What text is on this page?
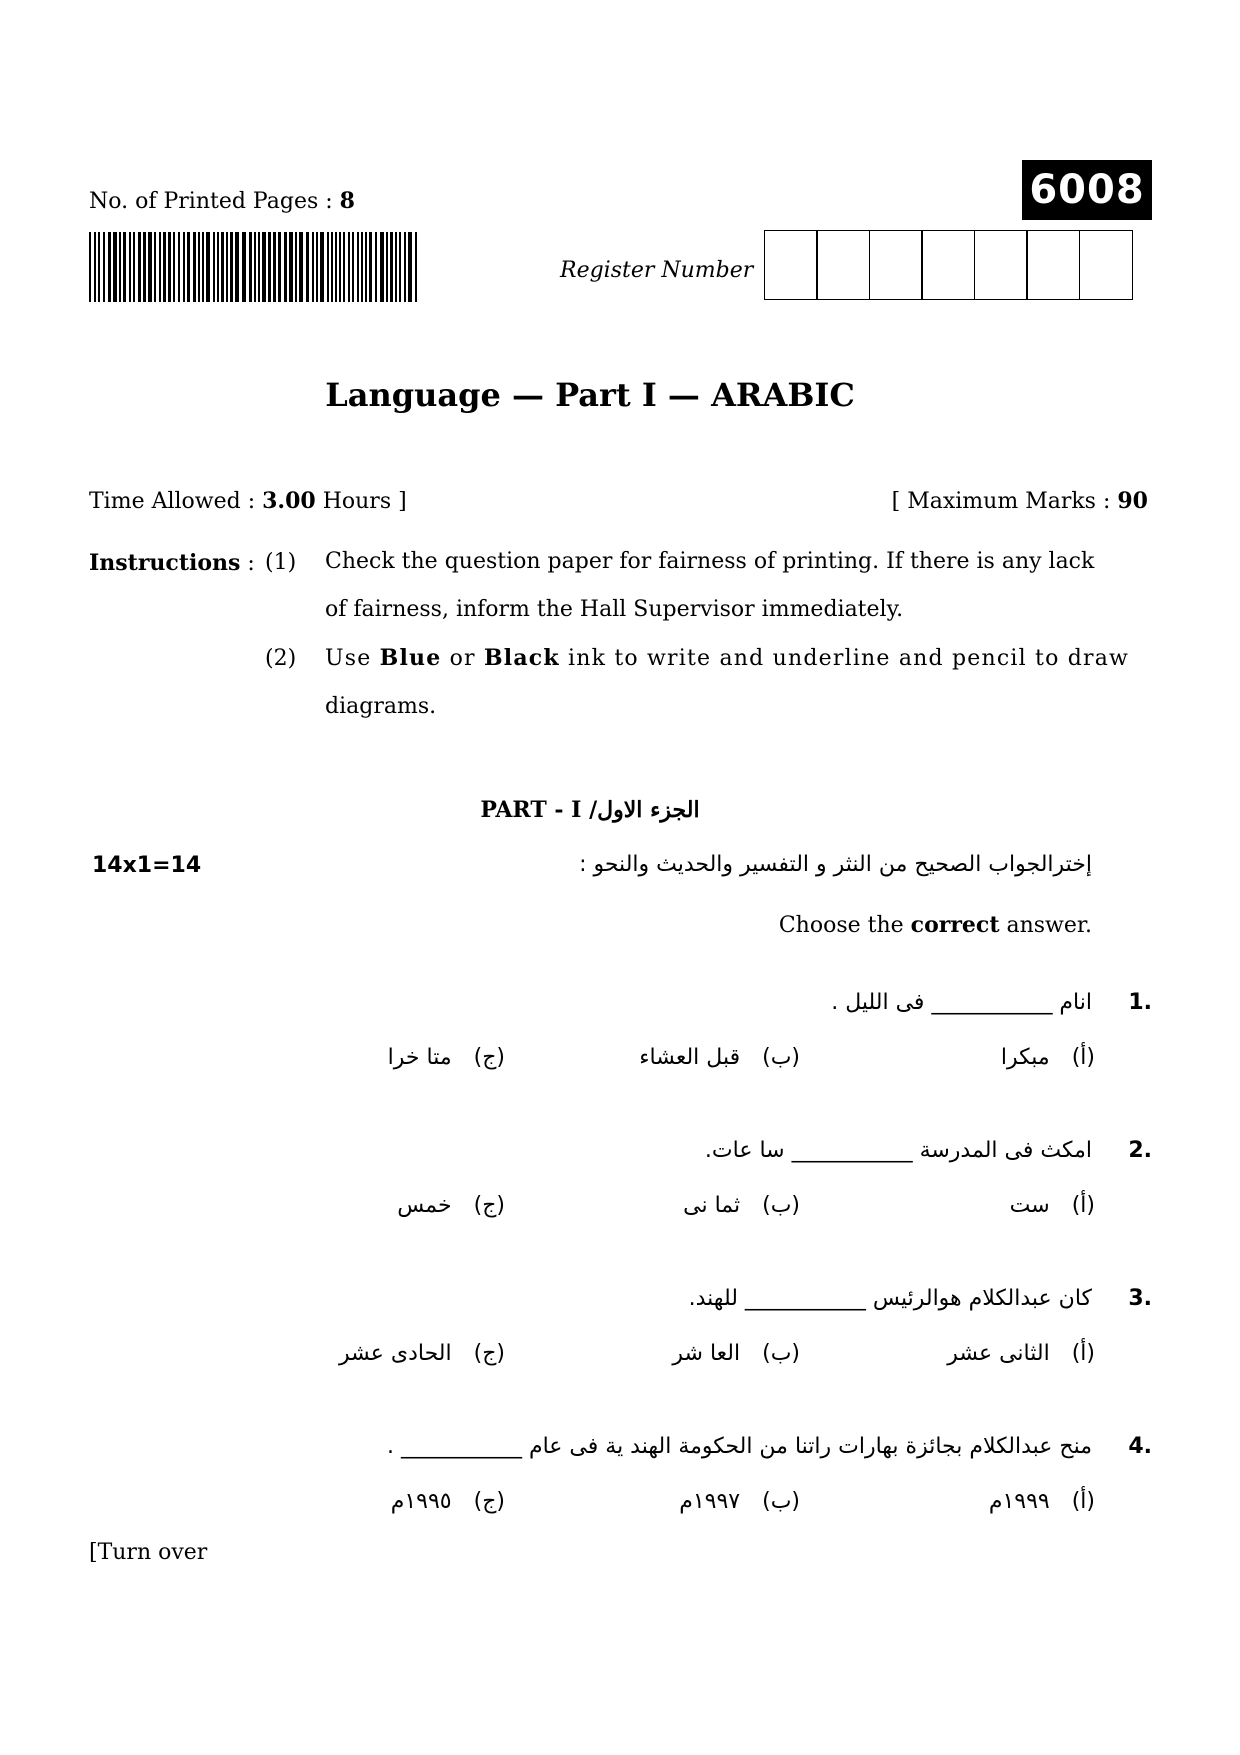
No. of Printed Pages : 8	6008
Register Number
Language — Part I — ARABIC
Time Allowed : 3.00 Hours ]	[ Maximum Marks : 90
Instructions : (1) Check the question paper for fairness of printing. If there is any lack
of fairness, inform the Hall Supervisor immediately.
(2) Use Blue or Black ink to write and underline and pencil to draw
diagrams.
PART - I /الجزء الاول
14x1=14	إخترالجواب الصحيح من النثر و التفسير والحديث والنحو :
Choose the correct answer.
1.
انام ___________ فى الليل .
(أ)
مبكرا
(ب)
قبل العشاء
(ج)
متا خرا
2.
امكث فى المدرسة ___________ سا عات.
(أ)
ست
(ب)
ثما نى
(ج)
خمس
3.
كان عبدالكلام هوالرئيس ___________ للهند.
(أ)
الثانى عشر
(ب)
العا شر
(ج)
الحادى عشر
4.
منح عبدالكلام بجائزة بهارات راتنا من الحكومة الهند ية فى عام ___________ .
(أ)
١٩٩٩م
(ب)
١٩٩٧م
(ج)
١٩٩٥م
[Turn over
